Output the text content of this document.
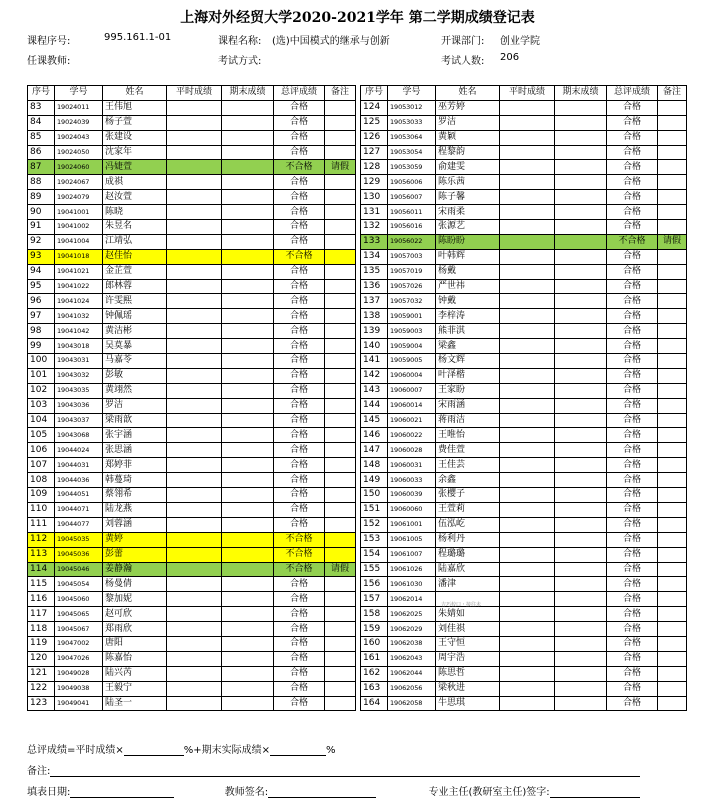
上海对外经贸大学2020-2021学年 第二学期成绩登记表
课程序号:	995.161.1-01	课程名称: (选)中国模式的继承与创新	开课部门: 创业学院
任课教师:	考试方式:	考试人数: 206
序号	学号	姓名	平时成绩	期末成绩	总评成绩	备注
83	19024011	王伟旭			合格	
84	19024039	杨子萱			合格	
85	19024043	张建设			合格	
86	19024050	沈家年			合格	
87	19024060	冯婕萱			不合格	请假
88	19024067	成祺			合格	
89	19024079	赵汝萱			合格	
90	19041001	陈晓			合格	
91	19041002	朱昱名			合格	
92	19041004	江靖弘			合格	
93	19041018	赵佳怡			不合格	
94	19041021	金芷萱			合格	
95	19041022	郎林蓉			合格	
96	19041024	许雯熙			合格	
97	19041032	钟佩瑶			合格	
98	19041042	黄洁彬			合格	
99	19043018	吴莫暴			合格	
100	19043031	马嘉苓			合格	
101	19043032	彭敏			合格	
102	19043035	黄翊然			合格	
103	19043036	罗洁			合格	
104	19043037	梁雨歆			合格	
105	19043068	张宇涵			合格	
106	19044024	张思涵			合格	
107	19044031	郑婷菲			合格	
108	19044036	韩蔓琦			合格	
109	19044051	蔡翎希			合格	
110	19044071	陆龙燕			合格	
111	19044077	刘蓉涵			合格	
112	19045035	黄婷			不合格	
113	19045036	彭蕾			不合格	
114	19045046	姜静瀚			不合格	请假
115	19045054	杨曼倩			合格	
116	19045060	黎加妮			合格	
117	19045065	赵可欣			合格	
118	19045067	郑雨欣			合格	
119	19047002	唐阳			合格	
120	19047026	陈嘉怡			合格	
121	19049028	陆兴芮			合格	
122	19049038	王毅宁			合格	
123	19049041	陆圣一			合格	
序号	学号	姓名	平时成绩	期末成绩	总评成绩	备注
124	19053012	巫芳婷			合格	
125	19053033	罗洁			合格	
126	19053064	黄颖			合格	
127	19053054	程黎韵			合格	
128	19053059	俞建雯			合格	
129	19056006	陈乐茜			合格	
130	19056007	陈子馨			合格	
131	19056011	宋雨柔			合格	
132	19056016	张源艺			合格	
133	19056022	陈盼盼			不合格	请假
134	19057003	叶韩辉			合格	
135	19057019	杨戴			合格	
136	19057026	严世祎			合格	
137	19057032	钟戴			合格	
138	19059001	李梓涛			合格	
139	19059003	熊菲淇			合格	
140	19059004	梁鑫			合格	
141	19059005	杨文辉			合格	
142	19060004	叶泽楷			合格	
143	19060007	王家盼			合格	
144	19060014	宋雨涵			合格	
145	19060021	蒋雨洁			合格	
146	19060022	王唯怡			合格	
147	19060028	费佳萱			合格	
148	19060031	王佳芸			合格	
149	19060033	余鑫			合格	
150	19060039	张樱子			合格	
151	19060060	王萱莉			合格	
152	19061001	伍泓屹			合格	
153	19061005	杨利丹			合格	
154	19061007	程璐璐			合格	
155	19061026	陆嘉欣			合格	
156	19061030	潘津			合格	
157	19062014				合格	
158	19062025	朱婧如			合格	
159	19062029	刘佳祺			合格	
160	19062038	王守恒			合格	
161	19062043	周宇浩			合格	
162	19062044	陈思哲			合格	
163	19062056	梁秋进			合格	
164	19062058	牛思琪			合格	
吉巧校口・接往未
总评成绩=平时成绩×	%+期末实际成绩×	%
备注:
填表日期:	教师签名:	专业主任(教研室主任)签字:
